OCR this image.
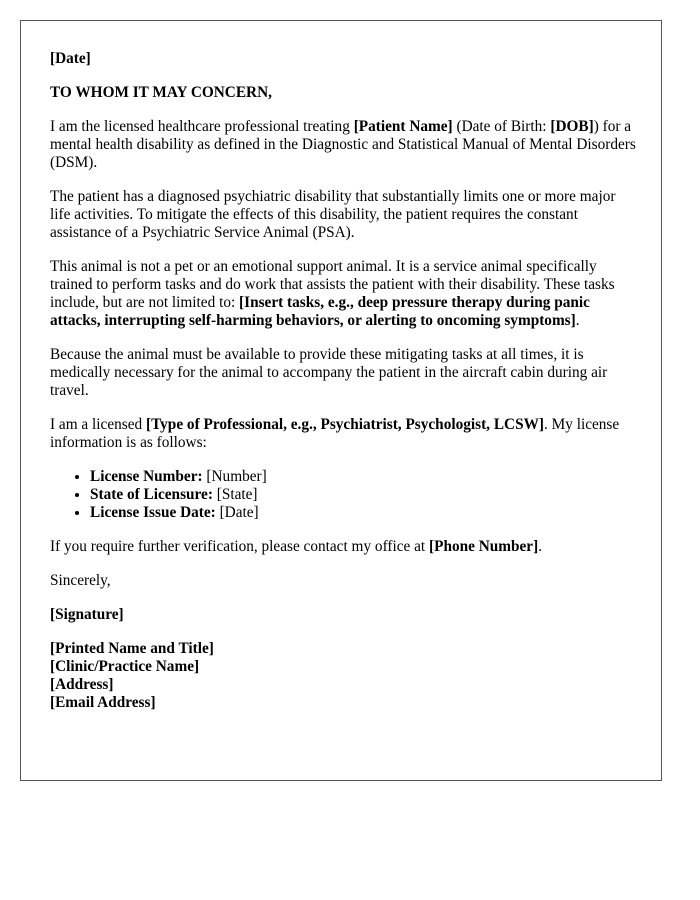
[Date]

TO WHOM IT MAY CONCERN,

I am the licensed healthcare professional treating [Patient Name] (Date of Birth: [DOB]) for a mental health disability as defined in the Diagnostic and Statistical Manual of Mental Disorders (DSM).

The patient has a diagnosed psychiatric disability that substantially limits one or more major life activities. To mitigate the effects of this disability, the patient requires the constant assistance of a Psychiatric Service Animal (PSA).

This animal is not a pet or an emotional support animal. It is a service animal specifically trained to perform tasks and do work that assists the patient with their disability. These tasks include, but are not limited to: [Insert tasks, e.g., deep pressure therapy during panic attacks, interrupting self-harming behaviors, or alerting to oncoming symptoms].

Because the animal must be available to provide these mitigating tasks at all times, it is medically necessary for the animal to accompany the patient in the aircraft cabin during air travel.

I am a licensed [Type of Professional, e.g., Psychiatrist, Psychologist, LCSW]. My license information is as follows:

• License Number: [Number]
• State of Licensure: [State]
• License Issue Date: [Date]

If you require further verification, please contact my office at [Phone Number].

Sincerely,

[Signature]

[Printed Name and Title]
[Clinic/Practice Name]
[Address]
[Email Address]
